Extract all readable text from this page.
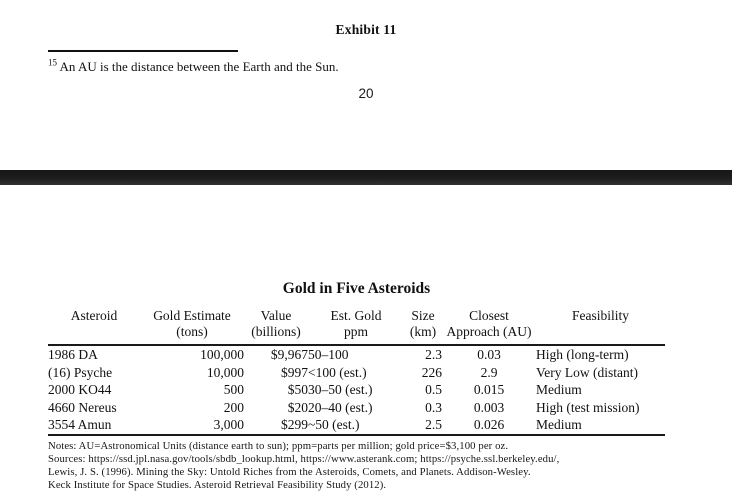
Exhibit 11
$^{15}$ An AU is the distance between the Earth and the Sun.
20
Gold in Five Asteroids
Asteroid	Gold Estimate	Value	Est. Gold	Size	Closest	Feasibility
	(tons)	(billions)	ppm	(km)	Approach (AU)	
1986 DA	100,000	$9,967	50–100	2.3	0.03	High (long-term)
(16) Psyche	10,000	$997	<100 (est.)	226	2.9	Very Low (distant)
2000 KO44	500	$50	30–50 (est.)	0.5	0.015	Medium
4660 Nereus	200	$20	20–40 (est.)	0.3	0.003	High (test mission)
3554 Amun	3,000	$299	~50 (est.)	2.5	0.026	Medium
Notes: AU=Astronomical Units (distance earth to sun); ppm=parts per million; gold price=$3,100 per oz.
Sources: https://ssd.jpl.nasa.gov/tools/sbdb_lookup.html, https://www.asterank.com; https://psyche.ssl.berkeley.edu/,
Lewis, J. S. (1996). Mining the Sky: Untold Riches from the Asteroids, Comets, and Planets. Addison-Wesley.
Keck Institute for Space Studies. Asteroid Retrieval Feasibility Study (2012).
